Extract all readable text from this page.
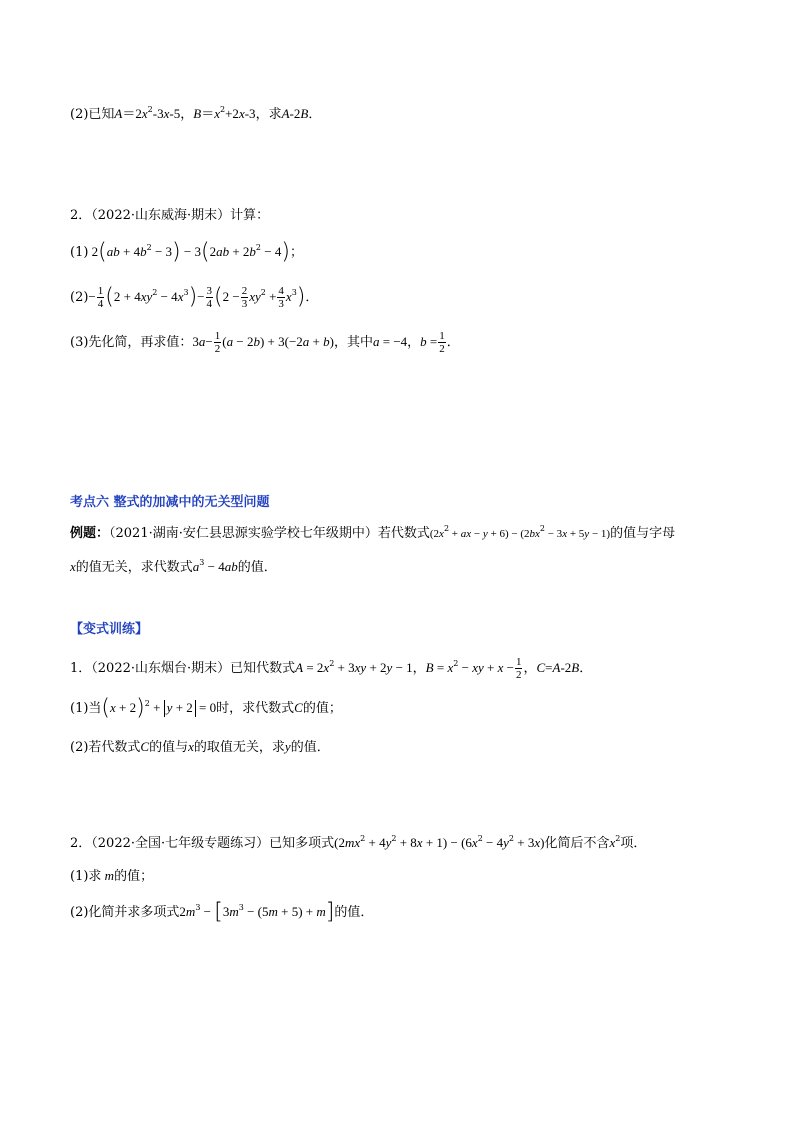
(2)已知$A=2x^2-3x-5$，$B=x^2+2x-3$，求A-2B．
2．（2022·山东威海·期末）计算：
(1) $2(ab + 4b^2 - 3) - 3(2ab + 2b^2 - 4)$；
$(2)- \frac{1}{4} (2 + 4xy^2 - 4x^3)- \frac{3}{4} (2 - \frac{2}{3} xy^2 + \frac{4}{3} x^3)$．
(3)先化简，再求值：$3a- \frac{1}{2} (a - 2b) + 3(-2a + b)$，其中a = −4，$b = \frac{1}{2}$ ．
考点六 整式的加减中的无关型问题
例题：（2021·湖南·安仁县思源实验学校七年级期中）若代数式($2x^2$ + ax − $y + 6) - (2bx^2 - 3x + 5y - 1)$的值与字母
x的值无关，求代数式$a^3 - 4ab$的值．
【变式训练】
1．（2022·山东烟台·期末）已知代数式$A = 2x^2 + 3xy + 2y - 1$，$B = x^2$ − xy + $x - \frac{1}{2}$ ，C=A-2B．
(1)当$(x + 2)^2 + y + 2 = 0$时，求代数式C的值；
(2)若代数式C的值与x的取值无关，求y的值．
2．（2022·全国·七年级专题练习）已知多项式$(2mx^2 + 4y^2 + 8x + 1) - (6x^2 - 4y^2 + 3x)$化简后不含$x^2$项．
(1)求 m的值；
(2)化简并求多项式$2m^3 - [3m^3 - (5m + 5) + m]$的值．
